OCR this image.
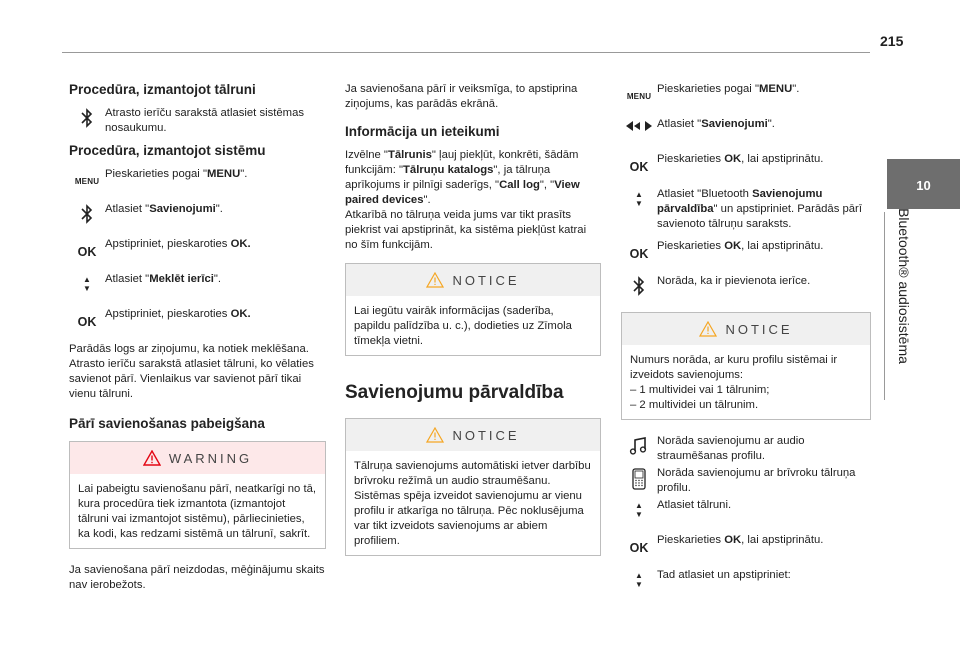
215
10
Bluetooth® audiosistēma
Procedūra, izmantojot tālruni
Atrasto ierīču sarakstā atlasiet sistēmas nosaukumu.
Procedūra, izmantojot sistēmu
MENU
Pieskarieties pogai "MENU".
Atlasiet "Savienojumi".
OK
Apstipriniet, pieskaroties OK.
▲
▼
Atlasiet "Meklēt ierīci".
OK
Apstipriniet, pieskaroties OK.

Parādās logs ar ziņojumu, ka notiek meklēšana. Atrasto ierīču sarakstā atlasiet tālruni, ko vēlaties savienot pārī. Vienlaikus var savienot pārī tikai vienu tālruni.

Pārī savienošanas pabeigšana
WARNING

Lai pabeigtu savienošanu pārī, neatkarīgi no tā, kura procedūra tiek izmantota (izmantojot tālruni vai izmantojot sistēmu), pārliecinieties, ka kodi, kas redzami sistēmā un tālrunī, sakrīt.

Ja savienošana pārī neizdodas, mēģinājumu skaits nav ierobežots.

Ja savienošana pārī ir veiksmīga, to apstiprina ziņojums, kas parādās ekrānā.

Informācija un ieteikumi

Izvēlne "Tālrunis" ļauj piekļūt, konkrēti, šādām funkcijām: "Tālruņu katalogs", ja tālruņa aprīkojums ir pilnīgi saderīgs, "Call log", "View paired devices".
Atkarībā no tālruņa veida jums var tikt prasīts piekrist vai apstiprināt, ka sistēma piekļūst katrai no šīm funkcijām.

NOTICE

Lai iegūtu vairāk informācijas (saderība, papildu palīdzība u. c.), dodieties uz Zīmola tīmekļa vietni.

Savienojumu pārvaldība
NOTICE

Tālruņa savienojums automātiski ietver darbību brīvroku režīmā un audio straumēšanu.

Sistēmas spēja izveidot savienojumu ar vienu profilu ir atkarīga no tālruņa. Pēc noklusējuma var tikt izveidots savienojums ar abiem profiliem.

MENU
Pieskarieties pogai "MENU".
Atlasiet "Savienojumi".
OK
Pieskarieties OK, lai apstiprinātu.
▲
▼
Atlasiet "Bluetooth Savienojumu pārvaldība" un apstipriniet. Parādās pārī savienoto tālruņu saraksts.
OK
Pieskarieties OK, lai apstiprinātu.
Norāda, ka ir pievienota ierīce.
NOTICE

Numurs norāda, ar kuru profilu sistēmai ir izveidots savienojums:

– 1 multividei vai 1 tālrunim;

– 2 multividei un tālrunim.

Norāda savienojumu ar audio straumēšanas profilu.
Norāda savienojumu ar brīvroku tālruņa profilu.
▲
▼
Atlasiet tālruni.
OK
Pieskarieties OK, lai apstiprinātu.
▲
▼
Tad atlasiet un apstipriniet:
